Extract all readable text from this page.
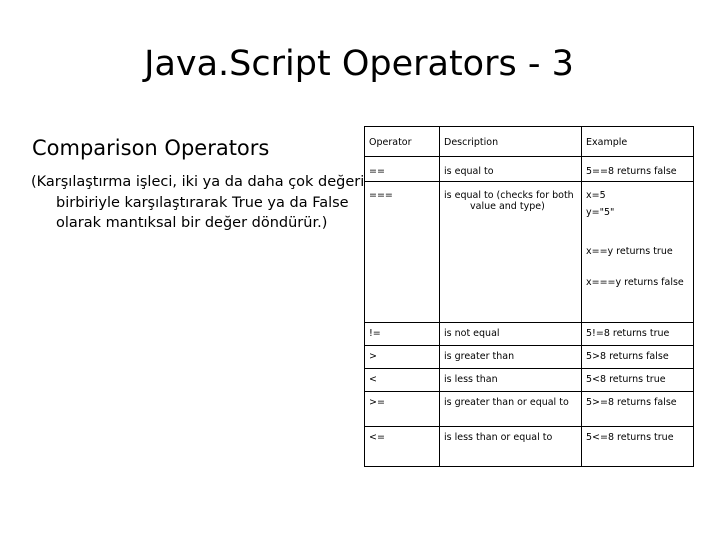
Java.Script Operators - 3
Comparison Operators
(Karşılaştırma işleci, iki ya da daha çok değeri birbiriyle karşılaştırarak True ya da False olarak mantıksal bir değer döndürür.)
Operator	Description	Example
==	is equal to	5==8 returns false
===	is equal to (checks for both value and type)	x=5
y="5"
x==y returns true
x===y returns false

!=	is not equal	5!=8 returns true
>	is greater than	5>8 returns false
<	is less than	5<8 returns true
>=	is greater than or equal to	5>=8 returns false
<=	is less than or equal to	5<=8 returns true
